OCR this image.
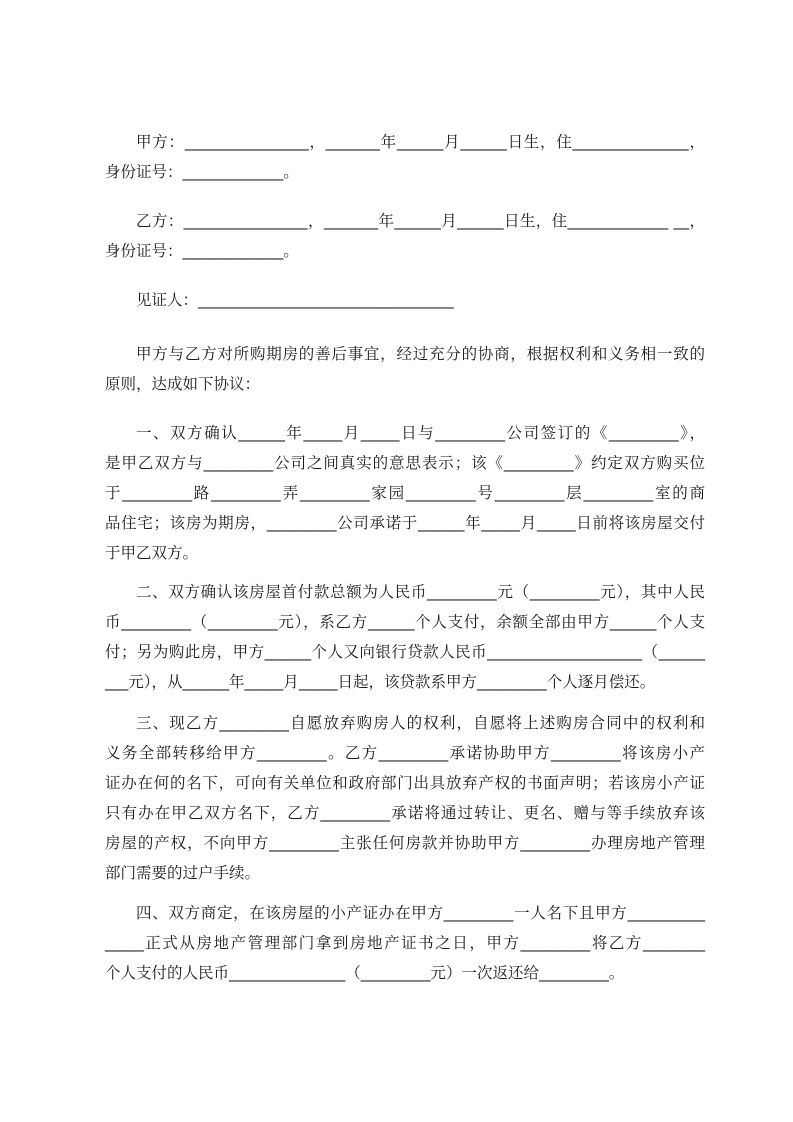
甲方：________________，_______年______月______日生，住_______________，
身份证号：_____________。
乙方：________________，_______年______月______日生，住_____________ __，
身份证号：_____________。
见证人：_________________________________
甲方与乙方对所购期房的善后事宜，经过充分的协商，根据权利和义务相一致的
原则，达成如下协议：
一、双方确认______年_____月_____日与_________公司签订的《_________》，
是甲乙双方与_________公司之间真实的意思表示；该《_________》约定双方购买位
于_________路_________弄_________家园_________号_________层_________室的商
品住宅；该房为期房，_________公司承诺于______年_____月_____日前将该房屋交付
于甲乙双方。
二、双方确认该房屋首付款总额为人民币_________元（_________元），其中人民
币_________（_________元），系乙方______个人支付，余额全部由甲方______个人支
付；另为购此房，甲方______个人又向银行贷款人民币____________________（______
___元），从______年_____月_____日起，该贷款系甲方_________个人逐月偿还。
三、现乙方_________自愿放弃购房人的权利，自愿将上述购房合同中的权利和
义务全部转移给甲方_________。乙方_________承诺协助甲方_________将该房小产
证办在何的名下，可向有关单位和政府部门出具放弃产权的书面声明；若该房小产证
只有办在甲乙双方名下，乙方_________承诺将通过转让、更名、赠与等手续放弃该
房屋的产权，不向甲方_________主张任何房款并协助甲方_________办理房地产管理
部门需要的过户手续。
四、双方商定，在该房屋的小产证办在甲方_________一人名下且甲方__________
_____正式从房地产管理部门拿到房地产证书之日，甲方_________将乙方________
个人支付的人民币_______________（_________元）一次返还给_________。
